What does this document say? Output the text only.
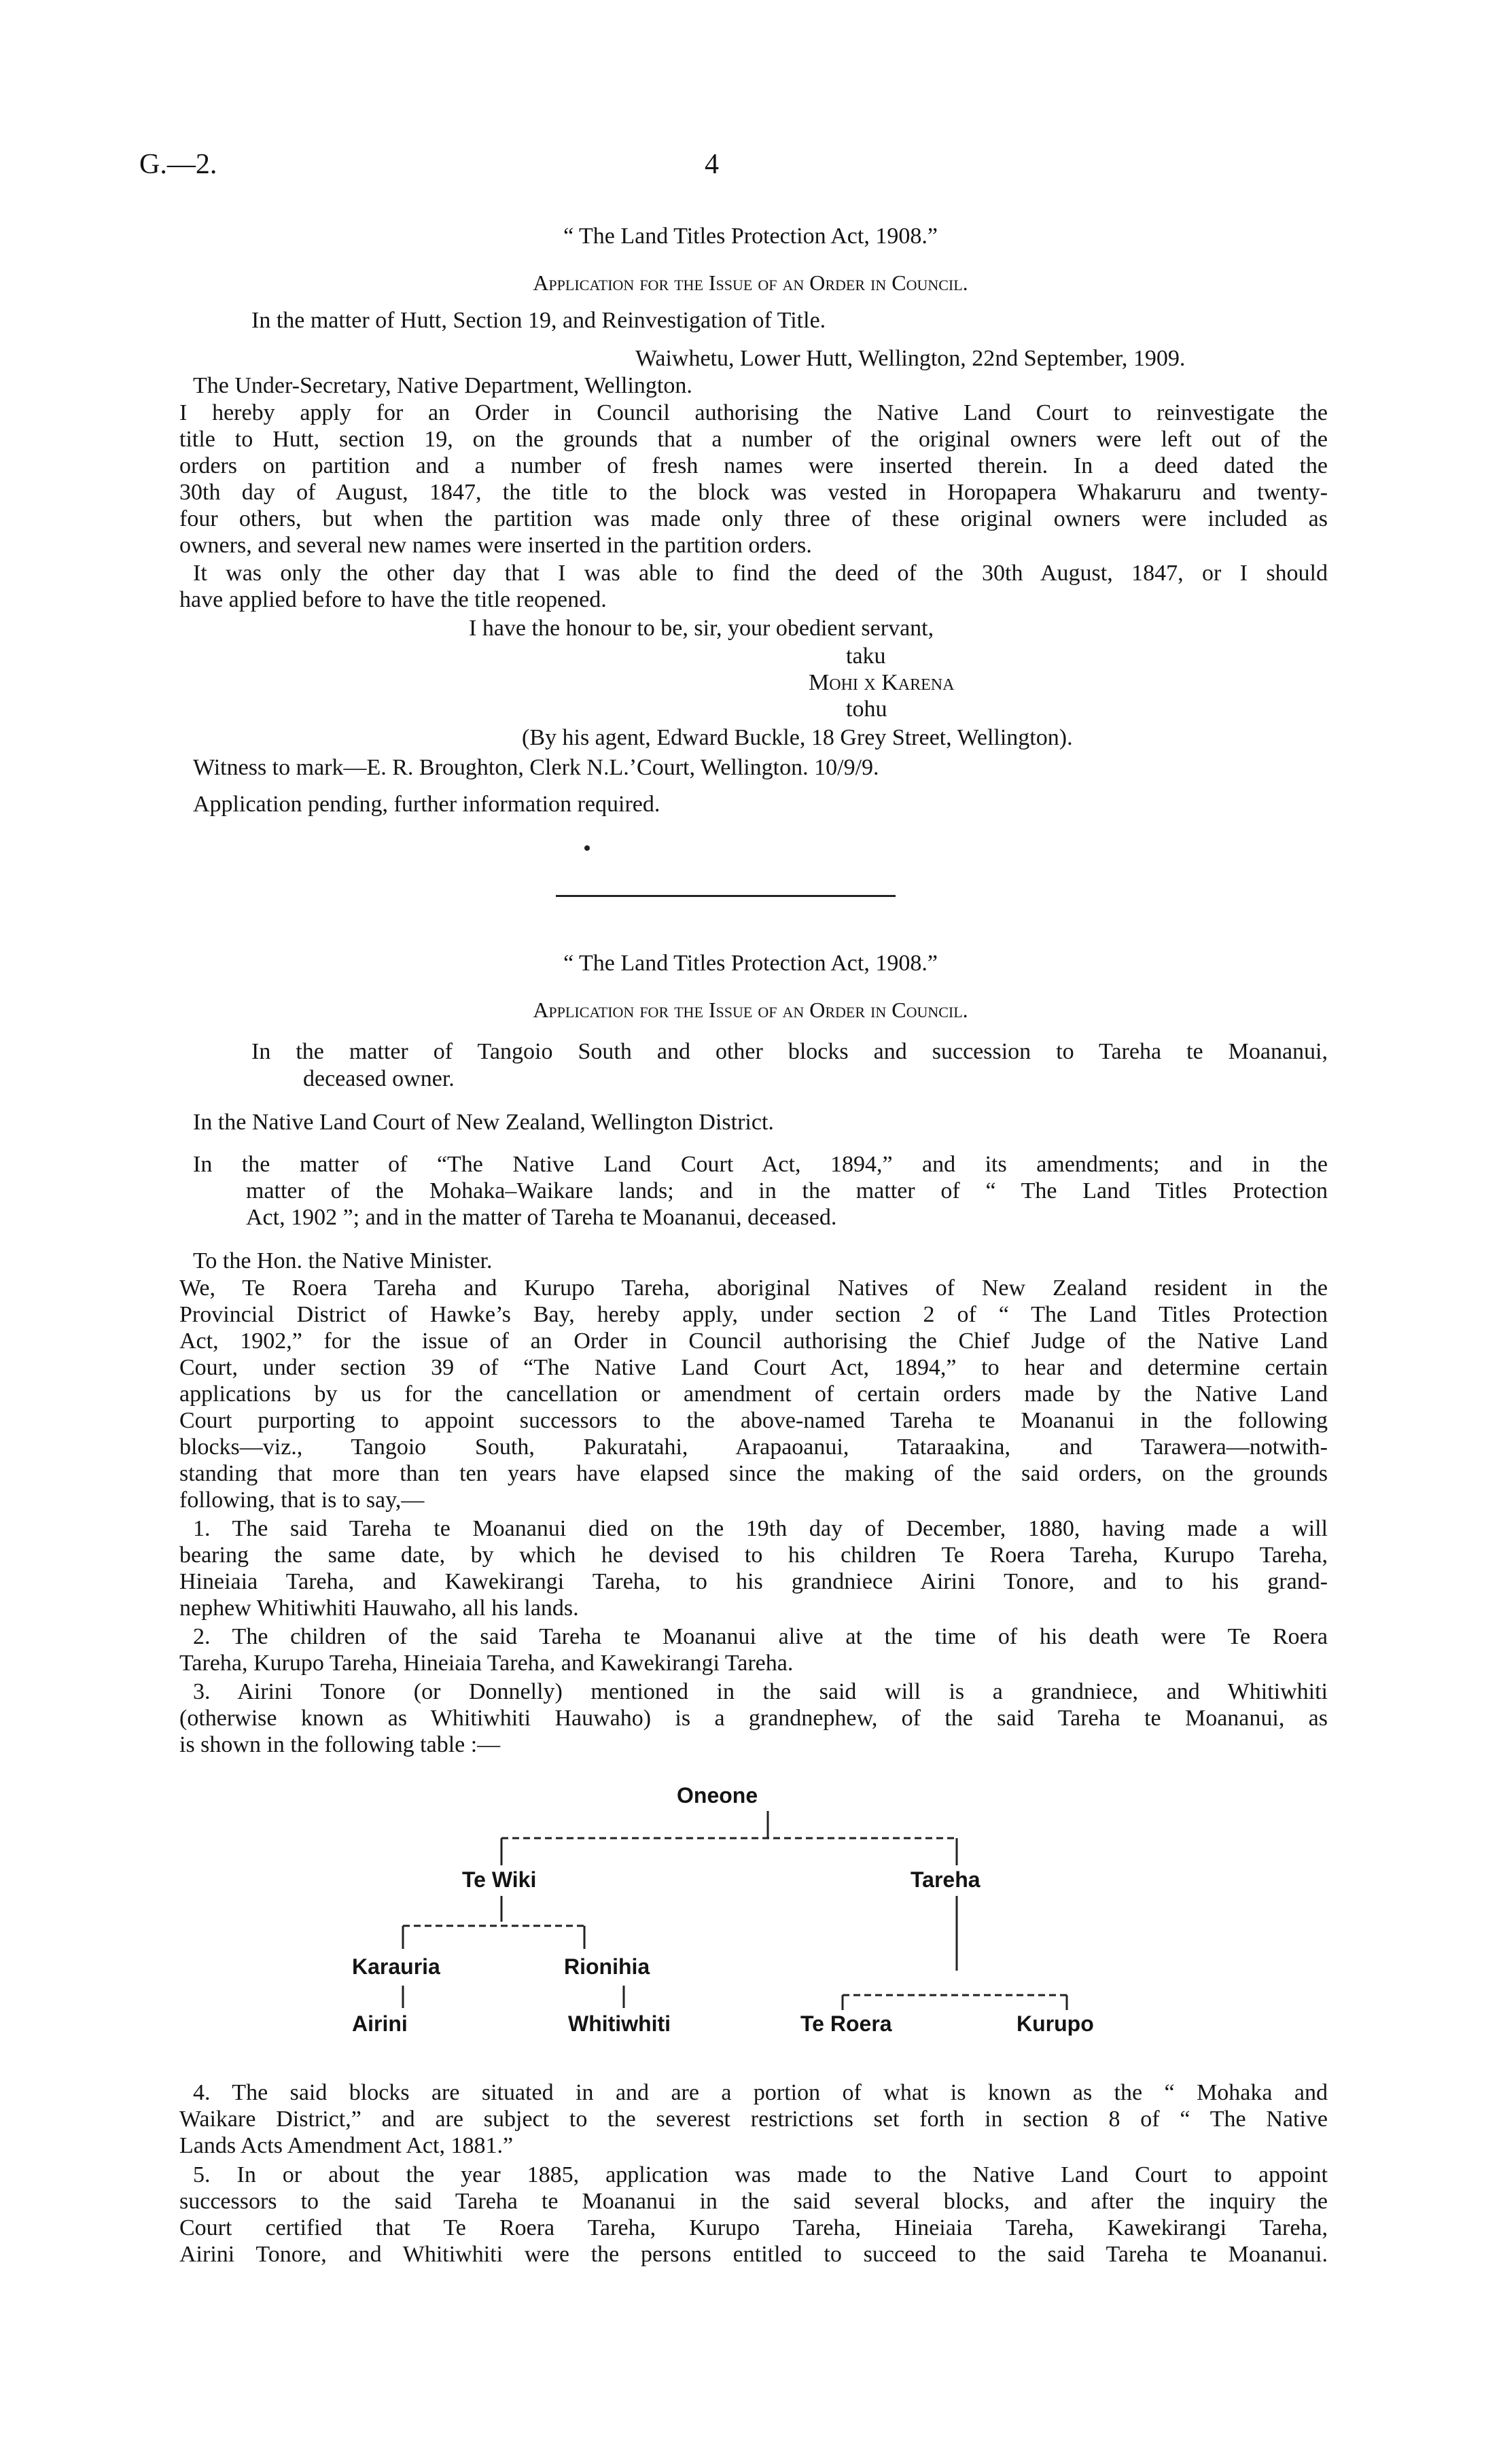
G.—2.	4
“ The Land Titles Protection Act, 1908.”
Application for the Issue of an Order in Council.
In the matter of Hutt, Section 19, and Reinvestigation of Title.
Waiwhetu, Lower Hutt, Wellington, 22nd September, 1909.
The Under-Secretary, Native Department, Wellington.
I hereby apply for an Order in Council authorising the Native Land Court to reinvestigate the
title to Hutt, section 19, on the grounds that a number of the original owners were left out of the
orders on partition and a number of fresh names were inserted therein. In a deed dated the
30th day of August, 1847, the title to the block was vested in Horopapera Whakaruru and twenty-
four others, but when the partition was made only three of these original owners were included as
owners, and several new names were inserted in the partition orders.
It was only the other day that I was able to find the deed of the 30th August, 1847, or I should
have applied before to have the title reopened.
I have the honour to be, sir, your obedient servant,
taku
Mohi x Karena
tohu
(By his agent, Edward Buckle, 18 Grey Street, Wellington).
Witness to mark—E. R. Broughton, Clerk N.L.ʼCourt, Wellington. 10/9/9.
Application pending, further information required.
“ The Land Titles Protection Act, 1908.”
Application for the Issue of an Order in Council.
In the matter of Tangoio South and other blocks and succession to Tareha te Moananui,
deceased owner.
In the Native Land Court of New Zealand, Wellington District.
In the matter of “The Native Land Court Act, 1894,” and its amendments; and in the
matter of the Mohaka–Waikare lands; and in the matter of “ The Land Titles Protection
Act, 1902 ”; and in the matter of Tareha te Moananui, deceased.
To the Hon. the Native Minister.
We, Te Roera Tareha and Kurupo Tareha, aboriginal Natives of New Zealand resident in the
Provincial District of Hawke’s Bay, hereby apply, under section 2 of “ The Land Titles Protection
Act, 1902,” for the issue of an Order in Council authorising the Chief Judge of the Native Land
Court, under section 39 of “The Native Land Court Act, 1894,” to hear and determine certain
applications by us for the cancellation or amendment of certain orders made by the Native Land
Court purporting to appoint successors to the above-named Tareha te Moananui in the following
blocks—viz., Tangoio South, Pakuratahi, Arapaoanui, Tataraakina, and Tarawera—notwith-
standing that more than ten years have elapsed since the making of the said orders, on the grounds
following, that is to say,—
1. The said Tareha te Moananui died on the 19th day of December, 1880, having made a will
bearing the same date, by which he devised to his children Te Roera Tareha, Kurupo Tareha,
Hineiaia Tareha, and Kawekirangi Tareha, to his grandniece Airini Tonore, and to his grand-
nephew Whitiwhiti Hauwaho, all his lands.
2. The children of the said Tareha te Moananui alive at the time of his death were Te Roera
Tareha, Kurupo Tareha, Hineiaia Tareha, and Kawekirangi Tareha.
3. Airini Tonore (or Donnelly) mentioned in the said will is a grandniece, and Whitiwhiti
(otherwise known as Whitiwhiti Hauwaho) is a grandnephew, of the said Tareha te Moananui, as
is shown in the following table :—
Oneone
Te Wiki	Tareha
Karauria	Rionihia
Airini	Whitiwhiti	Te Roera	Kurupo
4. The said blocks are situated in and are a portion of what is known as the “ Mohaka and
Waikare District,” and are subject to the severest restrictions set forth in section 8 of “ The Native
Lands Acts Amendment Act, 1881.”
5. In or about the year 1885, application was made to the Native Land Court to appoint
successors to the said Tareha te Moananui in the said several blocks, and after the inquiry the
Court certified that Te Roera Tareha, Kurupo Tareha, Hineiaia Tareha, Kawekirangi Tareha,
Airini Tonore, and Whitiwhiti were the persons entitled to succeed to the said Tareha te Moananui.
